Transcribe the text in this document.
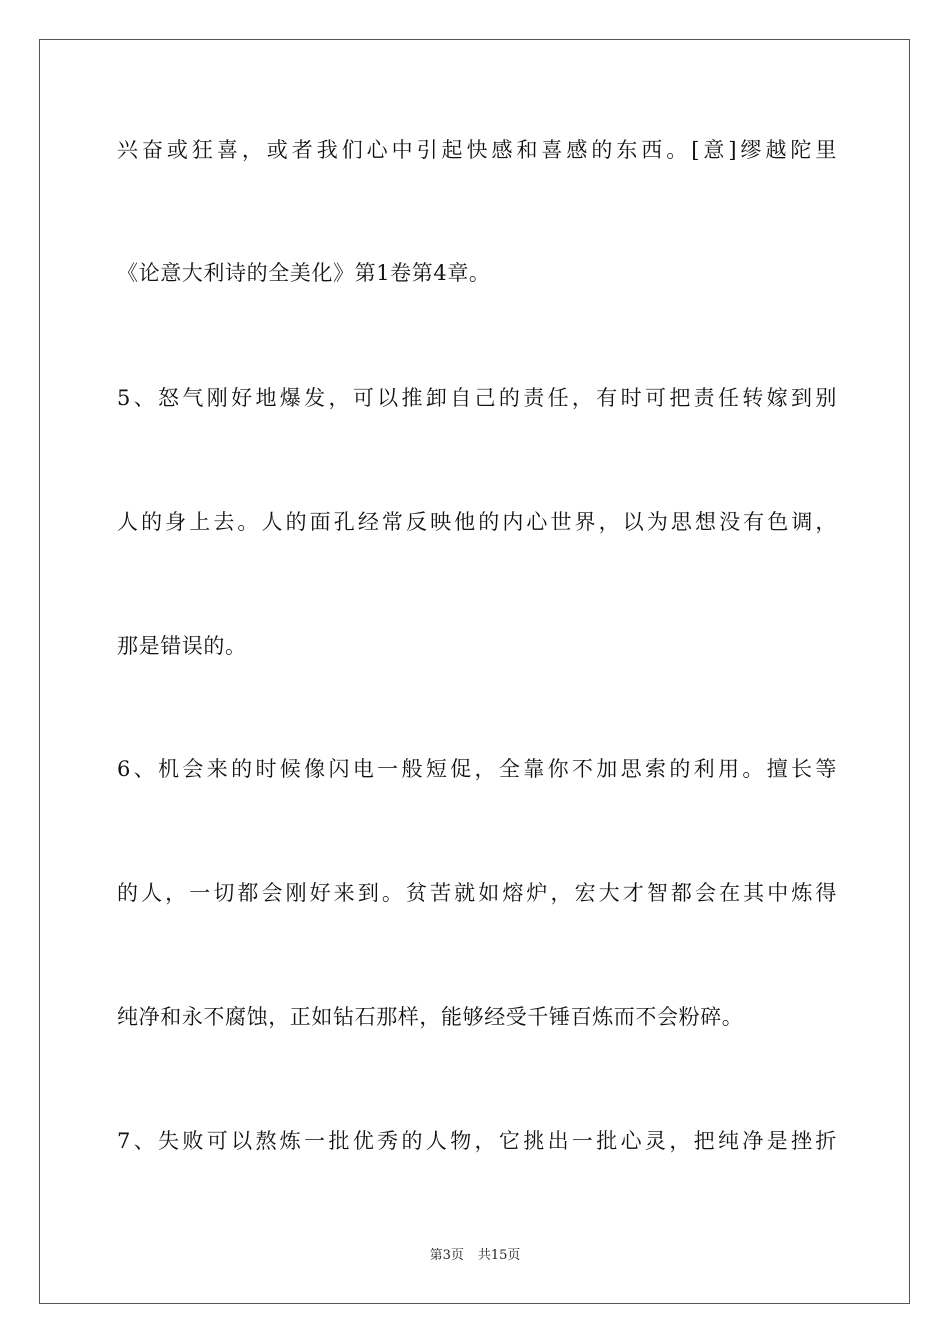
兴奋或狂喜，或者我们心中引起快感和喜感的东西。[意]缪越陀里
《论意大利诗的全美化》第1卷第4章。
5、怒气刚好地爆发，可以推卸自己的责任，有时可把责任转嫁到别
人的身上去。人的面孔经常反映他的内心世界，以为思想没有色调，
那是错误的。
6、机会来的时候像闪电一般短促，全靠你不加思索的利用。擅长等
的人，一切都会刚好来到。贫苦就如熔炉，宏大才智都会在其中炼得
纯净和永不腐蚀，正如钻石那样，能够经受千锤百炼而不会粉碎。
7、失败可以熬炼一批优秀的人物，它挑出一批心灵，把纯净是挫折
第3页 共15页
